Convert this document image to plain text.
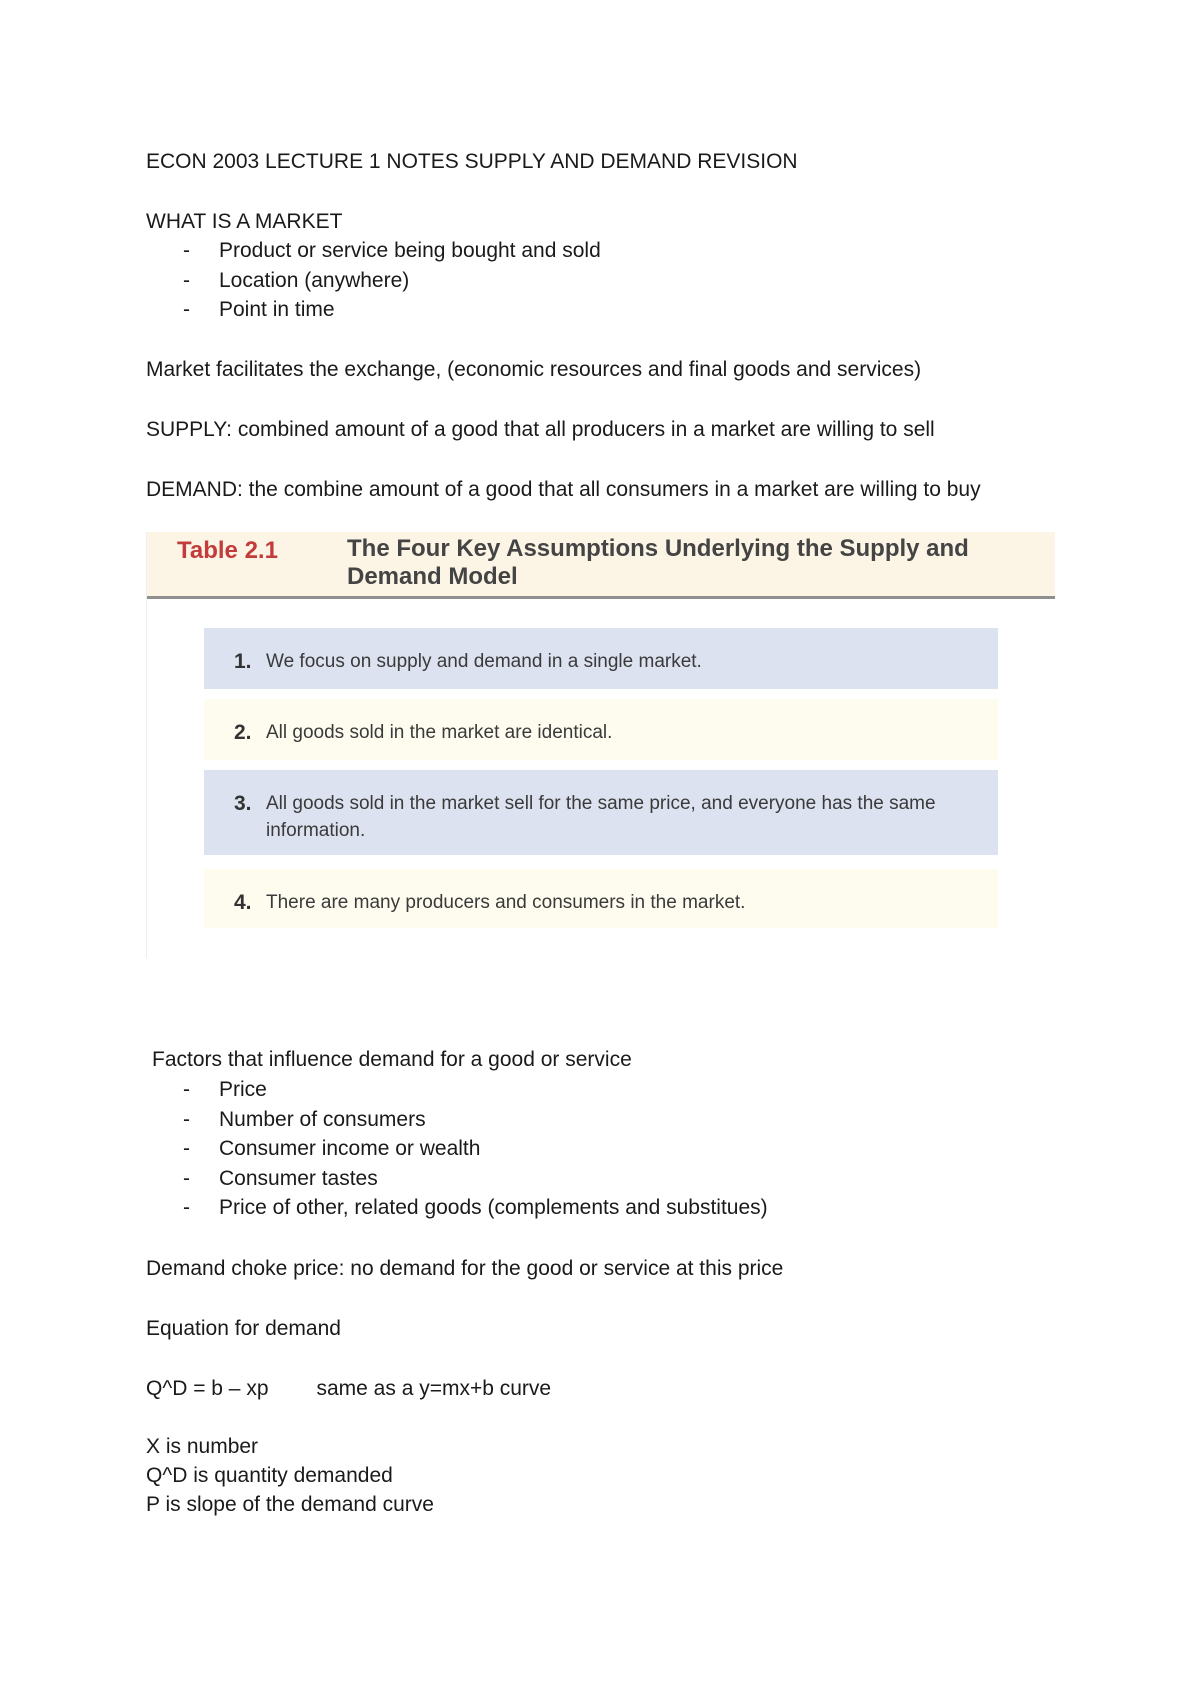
ECON 2003 LECTURE 1 NOTES SUPPLY AND DEMAND REVISION

WHAT IS A MARKET

- Product or service being bought and sold
- Location (anywhere)
- Point in time

Market facilitates the exchange, (economic resources and final goods and services)

SUPPLY: combined amount of a good that all producers in a market are willing to sell

DEMAND: the combine amount of a good that all consumers in a market are willing to buy

Table 2.1	The Four Key Assumptions Underlying the Supply and Demand Model
1. We focus on supply and demand in a single market.
2. All goods sold in the market are identical.
3. All goods sold in the market sell for the same price, and everyone has the same information.
4. There are many producers and consumers in the market.

Factors that influence demand for a good or service

- Price
- Number of consumers
- Consumer income or wealth
- Consumer tastes
- Price of other, related goods (complements and substitues)

Demand choke price: no demand for the good or service at this price

Equation for demand

Q^D = b – xp same as a y=mx+b curve

X is number

Q^D is quantity demanded

P is slope of the demand curve
